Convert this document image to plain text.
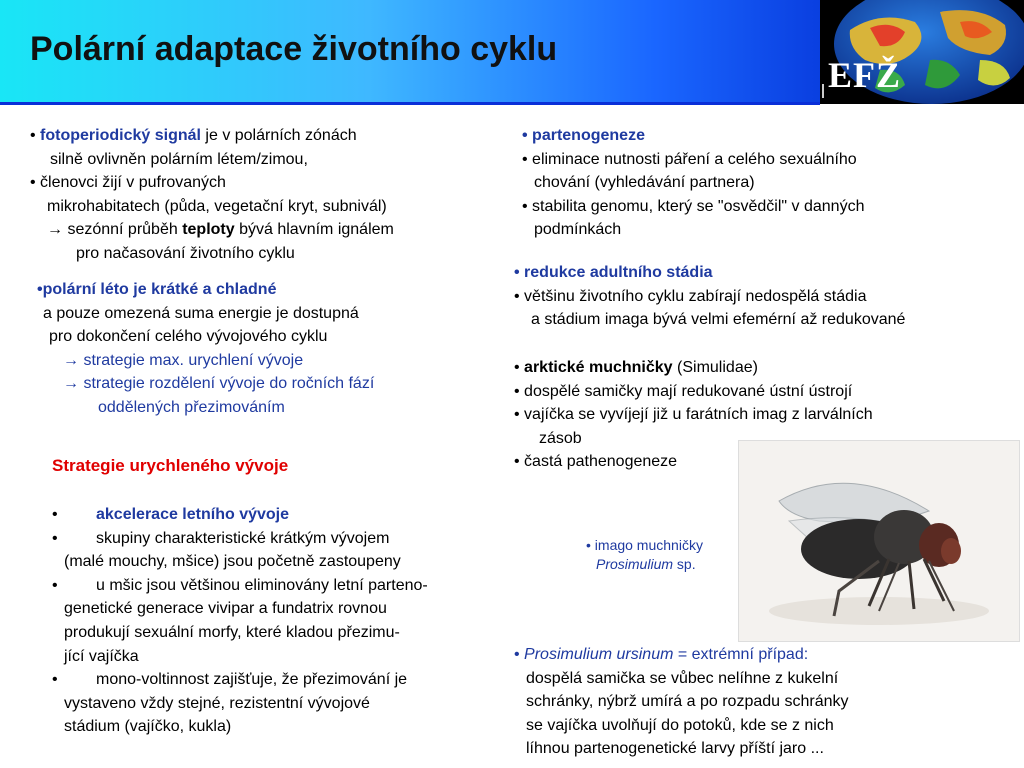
Polární adaptace životního cyklu
EFŽ
• fotoperiodický signál je v polárních zónách
silně ovlivněn polárním létem/zimou,
• členovci žijí v pufrovaných
mikrohabitatech (půda, vegetační kryt, subnivál)
→ sezónní průběh teploty bývá hlavním ignálem
pro načasování životního cyklu
•polární léto je krátké a chladné
a pouze omezená suma energie je dostupná
pro dokončení celého vývojového cyklu
→ strategie max. urychlení vývoje
→ strategie rozdělení vývoje do ročních fází
oddělených přezimováním
Strategie urychleného vývoje
• akcelerace letního vývoje
• skupiny charakteristické krátkým vývojem
(malé mouchy, mšice) jsou početně zastoupeny
• u mšic jsou většinou eliminovány letní parteno-
genetické generace vivipar a fundatrix rovnou
produkují sexuální morfy, které kladou přezimu-
jící vajíčka
• mono-voltinnost zajišťuje, že přezimování je
vystaveno vždy stejné, rezistentní vývojové
stádium (vajíčko, kukla)
• partenogeneze
• eliminace nutnosti páření a celého sexuálního
chování (vyhledávání partnera)
• stabilita genomu, který se "osvědčil" v danných
podmínkách
• redukce adultního stádia
• většinu životního cyklu zabírají nedospělá stádia
a stádium imaga bývá velmi efemérní až redukované
• arktické muchničky (Simulidae)
• dospělé samičky mají redukované ústní ústrojí
• vajíčka se vyvíjejí již u farátních imag z larválních
zásob
• častá pathenogeneze
• imago muchničky
Prosimulium sp.
• Prosimulium ursinum = extrémní případ:
dospělá samička se vůbec nelíhne z kukelní
schránky, nýbrž umírá a po rozpadu schránky
se vajíčka uvolňují do potoků, kde se z nich
líhnou partenogenetické larvy příští jaro ...
